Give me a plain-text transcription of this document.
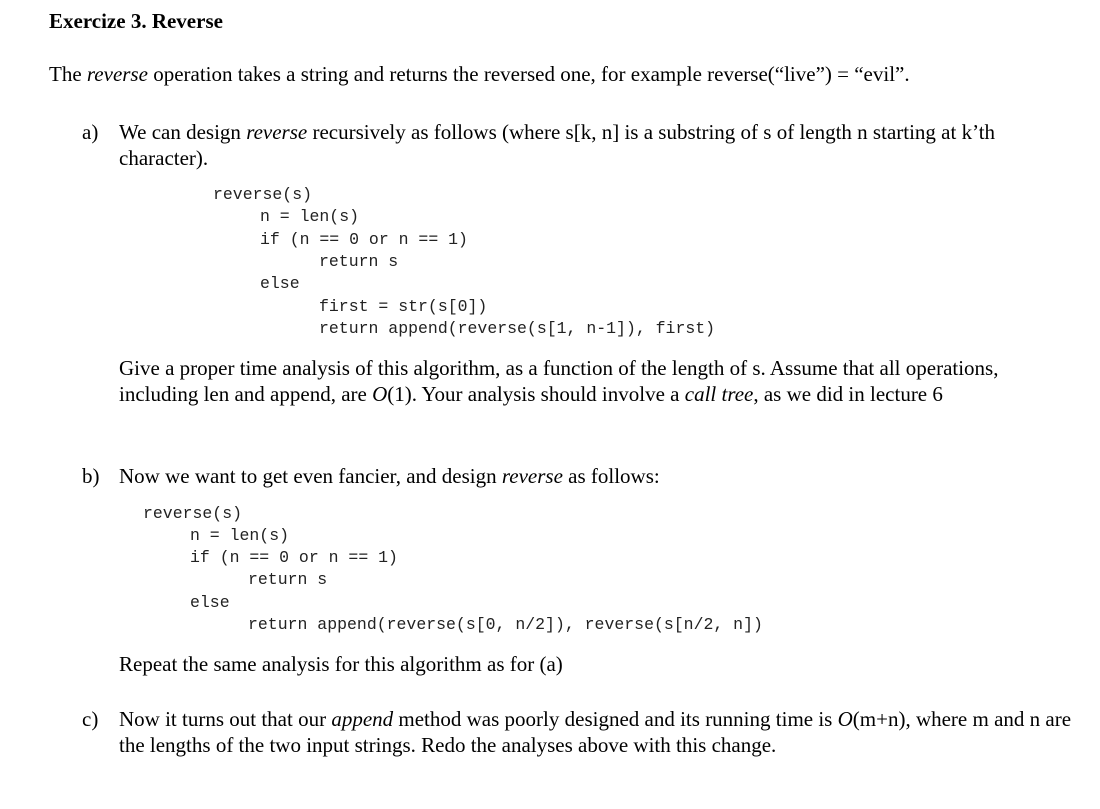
Exercize 3. Reverse
The reverse operation takes a string and returns the reversed one, for example reverse(“live”) = “evil”.
a) We can design reverse recursively as follows (where s[k, n] is a substring of s of length n starting at k’th character).
reverse(s)
n = len(s)
if (n == 0 or n == 1)
return s
else
first = str(s[0])
return append(reverse(s[1, n-1]), first)
Give a proper time analysis of this algorithm, as a function of the length of s. Assume that all operations, including len and append, are O(1). Your analysis should involve a call tree, as we did in lecture 6
b) Now we want to get even fancier, and design reverse as follows:
reverse(s)
n = len(s)
if (n == 0 or n == 1)
return s
else
return append(reverse(s[0, n/2]), reverse(s[n/2, n])
Repeat the same analysis for this algorithm as for (a)
c) Now it turns out that our append method was poorly designed and its running time is O(m+n), where m and n are the lengths of the two input strings. Redo the analyses above with this change.
